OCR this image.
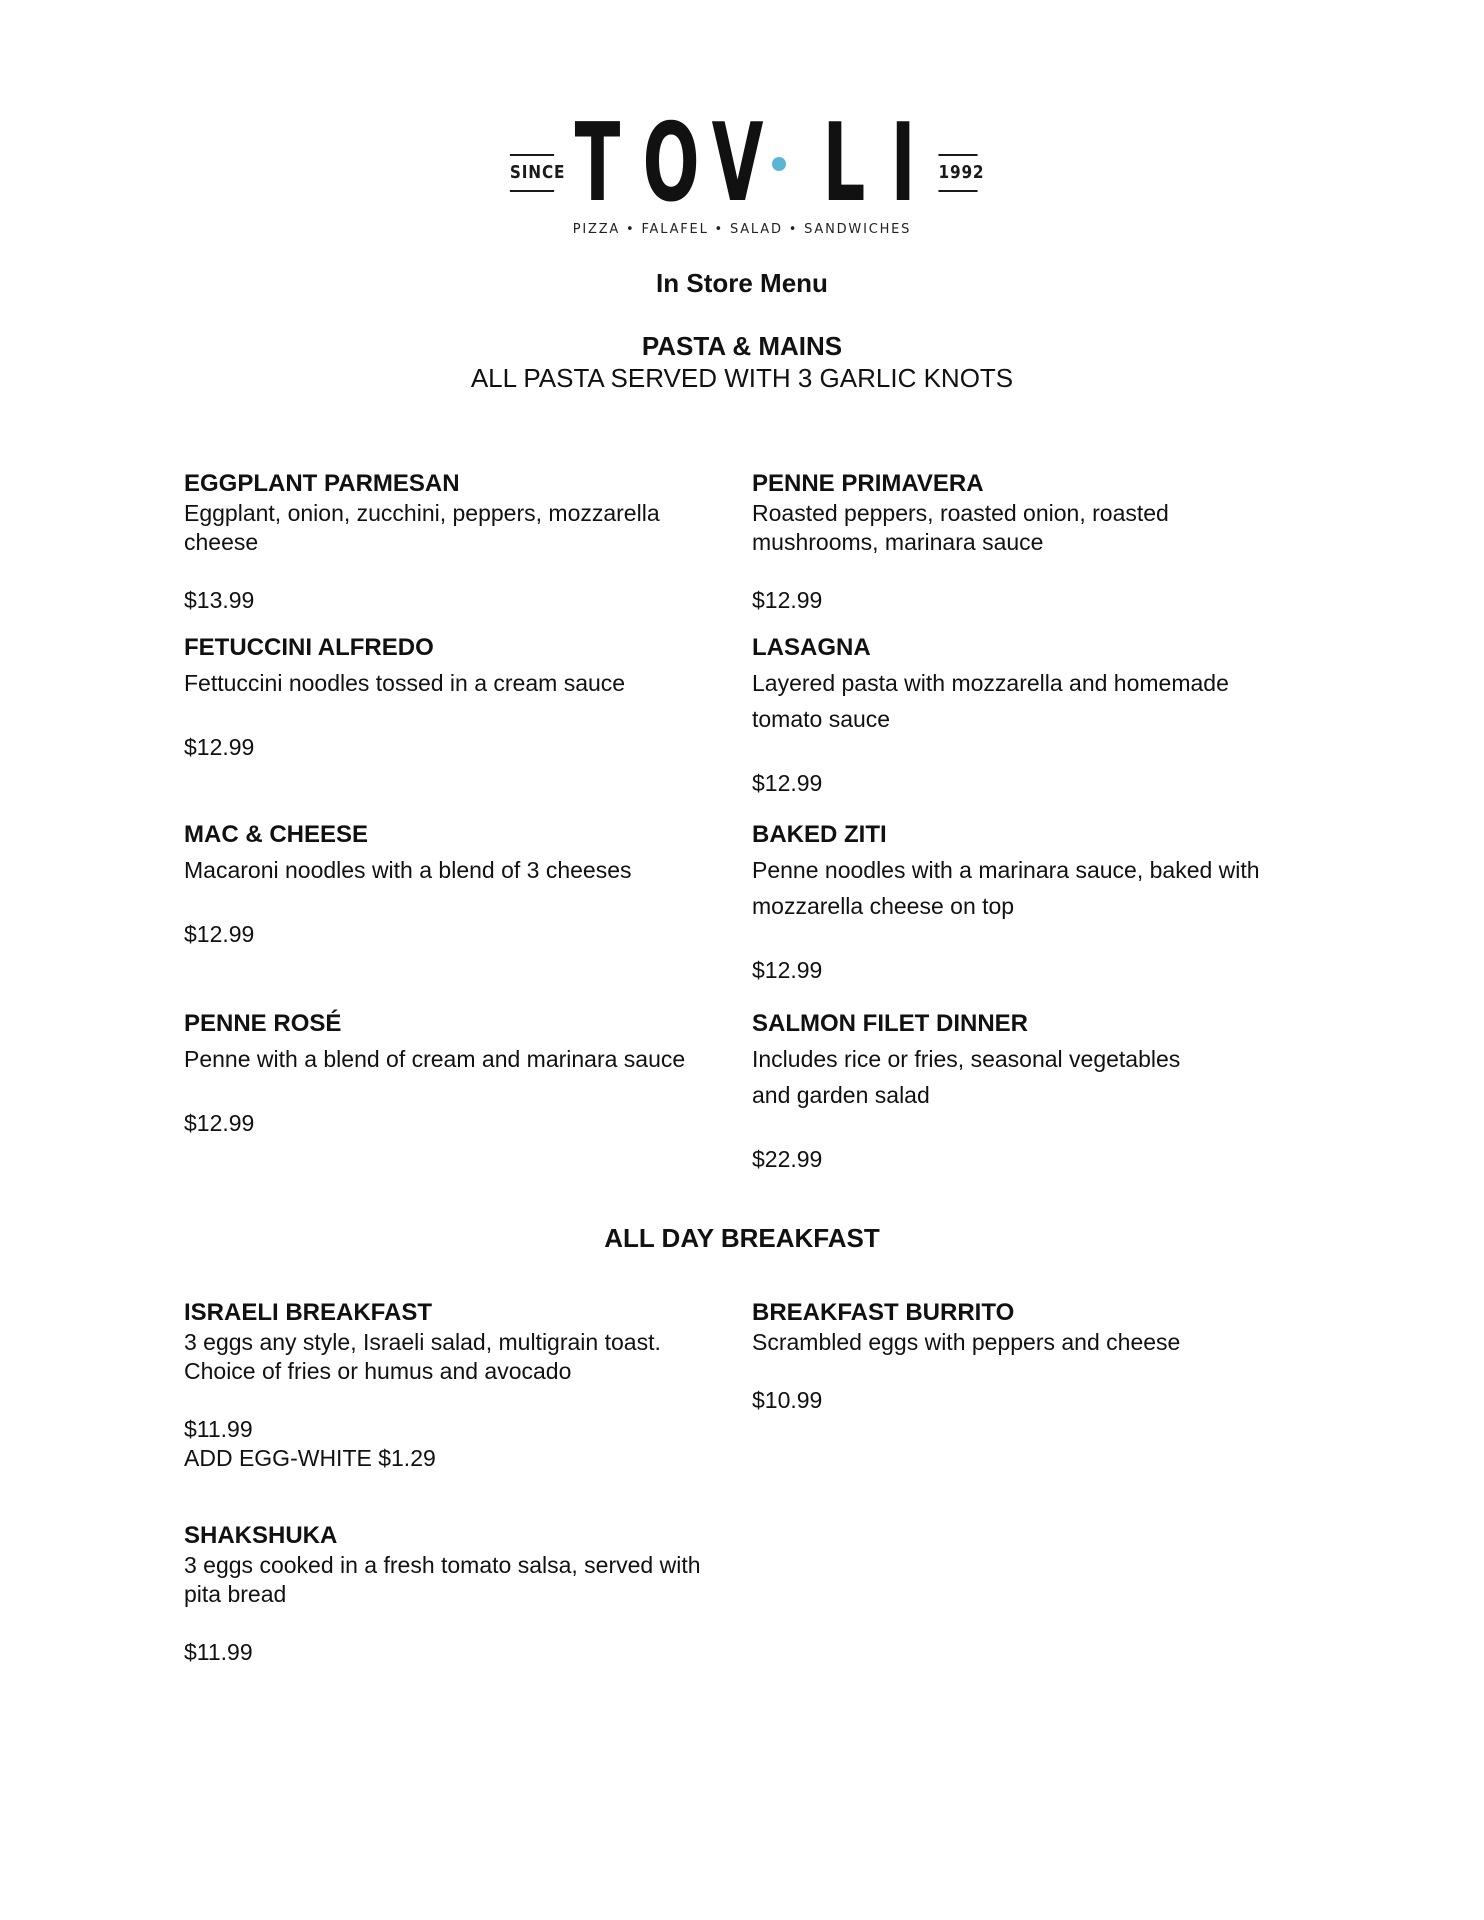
SINCE T O V L I 1992
PIZZA • FALAFEL • SALAD • SANDWICHES
In Store Menu
PASTA & MAINS
ALL PASTA SERVED WITH 3 GARLIC KNOTS
EGGPLANT PARMESAN
Eggplant, onion, zucchini, peppers, mozzarella
cheese
$13.99
PENNE PRIMAVERA
Roasted peppers, roasted onion, roasted
mushrooms, marinara sauce
$12.99
FETUCCINI ALFREDO
Fettuccini noodles tossed in a cream sauce
$12.99
LASAGNA
Layered pasta with mozzarella and homemade
tomato sauce
$12.99
MAC & CHEESE
Macaroni noodles with a blend of 3 cheeses
$12.99
BAKED ZITI
Penne noodles with a marinara sauce, baked with
mozzarella cheese on top
$12.99
PENNE ROSÉ
Penne with a blend of cream and marinara sauce
$12.99
SALMON FILET DINNER
Includes rice or fries, seasonal vegetables
and garden salad
$22.99
ALL DAY BREAKFAST
ISRAELI BREAKFAST
3 eggs any style, Israeli salad, multigrain toast.
Choice of fries or humus and avocado
$11.99
ADD EGG-WHITE $1.29
BREAKFAST BURRITO
Scrambled eggs with peppers and cheese
$10.99
SHAKSHUKA
3 eggs cooked in a fresh tomato salsa, served with
pita bread
$11.99
